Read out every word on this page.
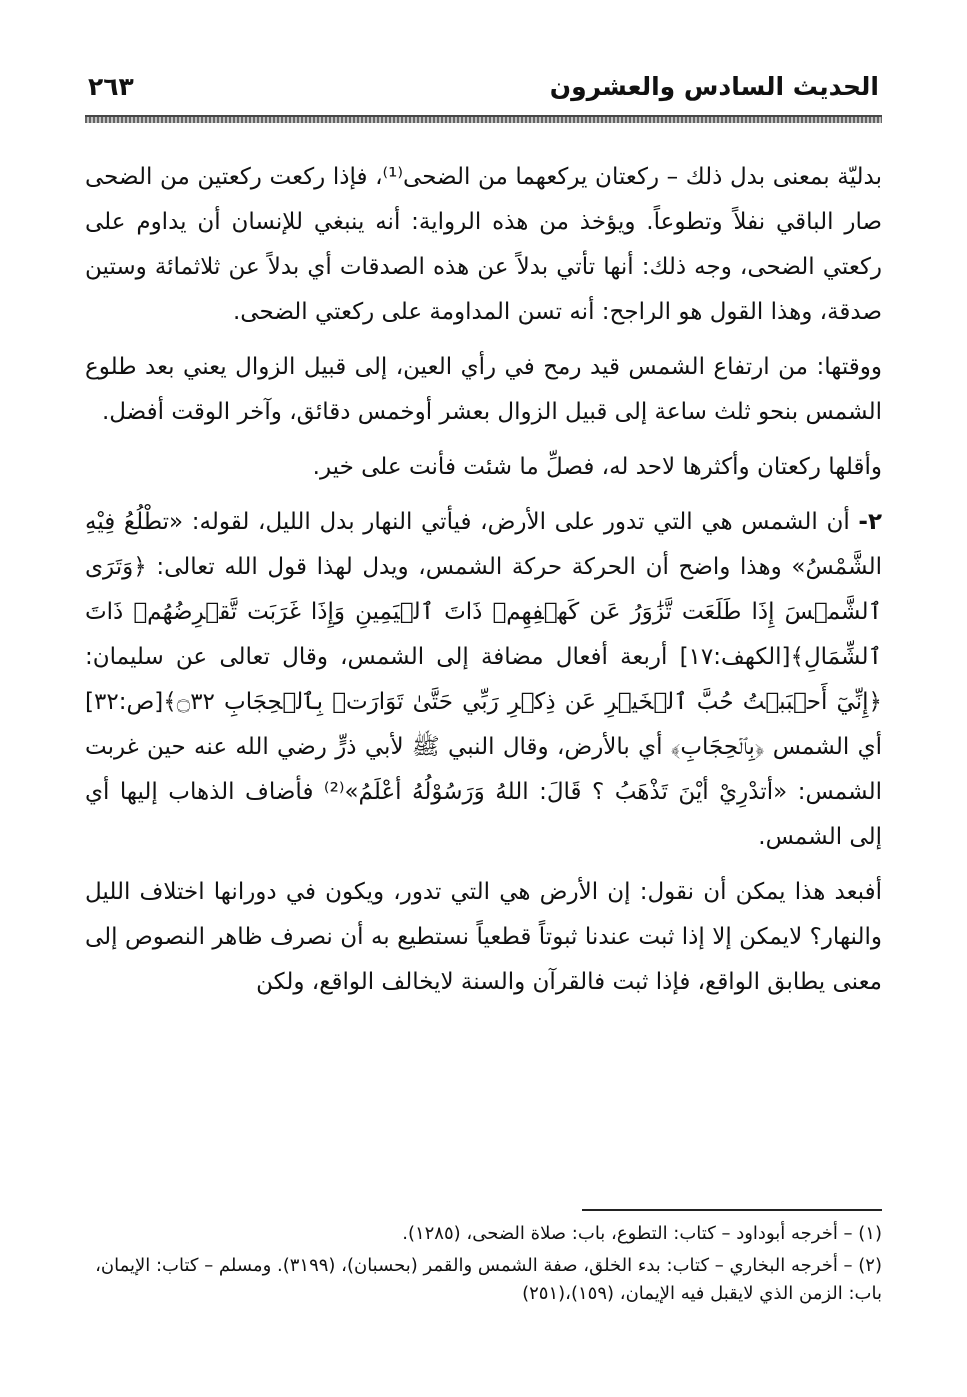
الحديث السادس والعشرون
٢٦٣

بدليّة بمعنى بدل ذلك – ركعتان يركعهما من الضحى⁽¹⁾، فإذا ركعت ركعتين من الضحى صار الباقي نفلاً وتطوعاً. ويؤخذ من هذه الرواية: أنه ينبغي للإنسان أن يداوم على ركعتي الضحى، وجه ذلك: أنها تأتي بدلاً عن هذه الصدقات أي بدلاً عن ثلاثمائة وستين صدقة، وهذا القول هو الراجح: أنه تسن المداومة على ركعتي الضحى.

ووقتها: من ارتفاع الشمس قيد رمح في رأي العين، إلى قبيل الزوال يعني بعد طلوع الشمس بنحو ثلث ساعة إلى قبيل الزوال بعشر أوخمس دقائق، وآخر الوقت أفضل.

وأقلها ركعتان وأكثرها لاحد له، فصلِّ ما شئت فأنت على خير.

٢- أن الشمس هي التي تدور على الأرض، فيأتي النهار بدل الليل، لقوله: «تطْلُعُ فِيْهِ الشَّمْسُ» وهذا واضح أن الحركة حركة الشمس، ويدل لهذا قول الله تعالى: ﴿وَتَرَى ٱلشَّمۡسَ إِذَا طَلَعَت تَّزَٰوَرُ عَن كَهۡفِهِمۡ ذَاتَ ٱلۡيَمِينِ وَإِذَا غَرَبَت تَّقۡرِضُهُمۡ ذَاتَ ٱلشِّمَالِ﴾[الكهف:١٧] أربعة أفعال مضافة إلى الشمس، وقال تعالى عن سليمان: ﴿إِنِّيٓ أَحۡبَبۡتُ حُبَّ ٱلۡخَيۡرِ عَن ذِكۡرِ رَبِّي حَتَّىٰ تَوَارَتۡ بِٱلۡحِجَابِ ۝٣٢﴾[ص:٣٢] أي الشمس ﴿بِٱلۡحِجَابِ﴾ أي بالأرض، وقال النبي ﷺ لأبي ذرٍّ رضي الله عنه حين غربت الشمس: «أتدْرِيْ أيْنَ تَذْهَبُ ؟ قَالَ: اللهُ وَرَسُوْلُهُ أعْلَمُ»⁽²⁾ فأضاف الذهاب إليها أي إلى الشمس.

أفبعد هذا يمكن أن نقول: إن الأرض هي التي تدور، ويكون في دورانها اختلاف الليل والنهار؟ لايمكن إلا إذا ثبت عندنا ثبوتاً قطعياً نستطيع به أن نصرف ظاهر النصوص إلى معنى يطابق الواقع، فإذا ثبت فالقرآن والسنة لايخالف الواقع، ولكن

(١) – أخرجه أبوداود – كتاب: التطوع، باب: صلاة الضحى، (١٢٨٥).

(٢) – أخرجه البخاري – كتاب: بدء الخلق، صفة الشمس والقمر (بحسبان)، (٣١٩٩). ومسلم – كتاب: الإيمان، باب: الزمن الذي لايقبل فيه الإيمان، (١٥٩)،(٢٥١)
